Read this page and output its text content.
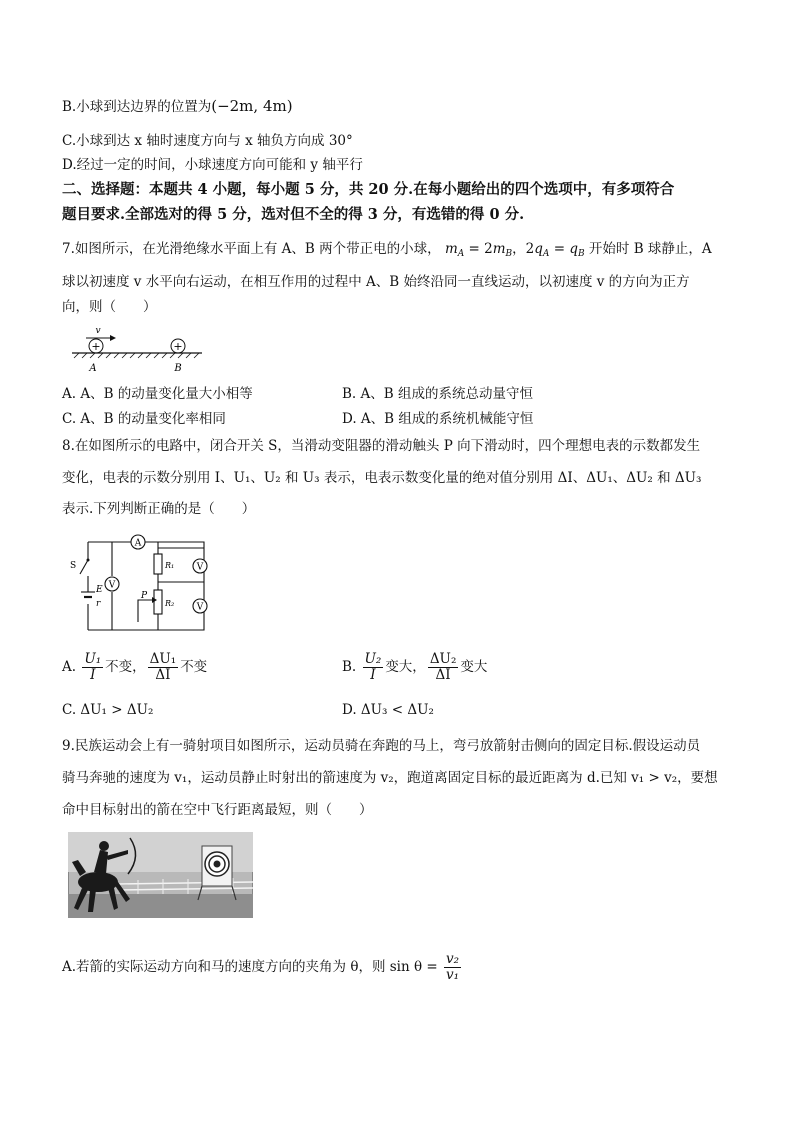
B.小球到达边界的位置为(−2m, 4m)
C.小球到达 x 轴时速度方向与 x 轴负方向成 30°
D.经过一定的时间，小球速度方向可能和 y 轴平行
二、选择题：本题共 4 小题，每小题 5 分，共 20 分.在每小题给出的四个选项中，有多项符合
题目要求.全部选对的得 5 分，选对但不全的得 3 分，有选错的得 0 分.
7.如图所示，在光滑绝缘水平面上有 A、B 两个带正电的小球， $m_A = 2m_B$，$2q_A = q_B$ 开始时 B 球静止，A
球以初速度 v 水平向右运动，在相互作用的过程中 A、B 始终沿同一直线运动，以初速度 v 的方向为正方
向，则（　　）
v
+	+
A	B
A. A、B 的动量变化量大小相等	B. A、B 组成的系统总动量守恒
C. A、B 的动量变化率相同	D. A、B 组成的系统机械能守恒
8.在如图所示的电路中，闭合开关 S，当滑动变阻器的滑动触头 P 向下滑动时，四个理想电表的示数都发生
变化，电表的示数分别用 I、U₁、U₂ 和 U₃ 表示，电表示数变化量的绝对值分别用 ΔI、ΔU₁、ΔU₂ 和 ΔU₃
表示.下列判断正确的是（　　）
S
E
r
A
V
R₁
R₂
P
V
V
A. $\frac{\text{U₁}}{I}$ 不变， $\frac{\text{ΔU₁}}{\Delta I}$ 不变	B. $\frac{\text{U₂}}{I}$ 变大， $\frac{\text{ΔU₂}}{\Delta I}$ 变大
C. ΔU₁ > ΔU₂	D. ΔU₃ < ΔU₂
9.民族运动会上有一骑射项目如图所示，运动员骑在奔跑的马上，弯弓放箭射击侧向的固定目标.假设运动员
骑马奔驰的速度为 v₁，运动员静止时射出的箭速度为 v₂，跑道离固定目标的最近距离为 d.已知 v₁ > v₂，要想
命中目标射出的箭在空中飞行距离最短，则（　　）
A.若箭的实际运动方向和马的速度方向的夹角为 θ，则 $\sin \theta = \frac{\text{v₂}}{\text{v₁}}$
